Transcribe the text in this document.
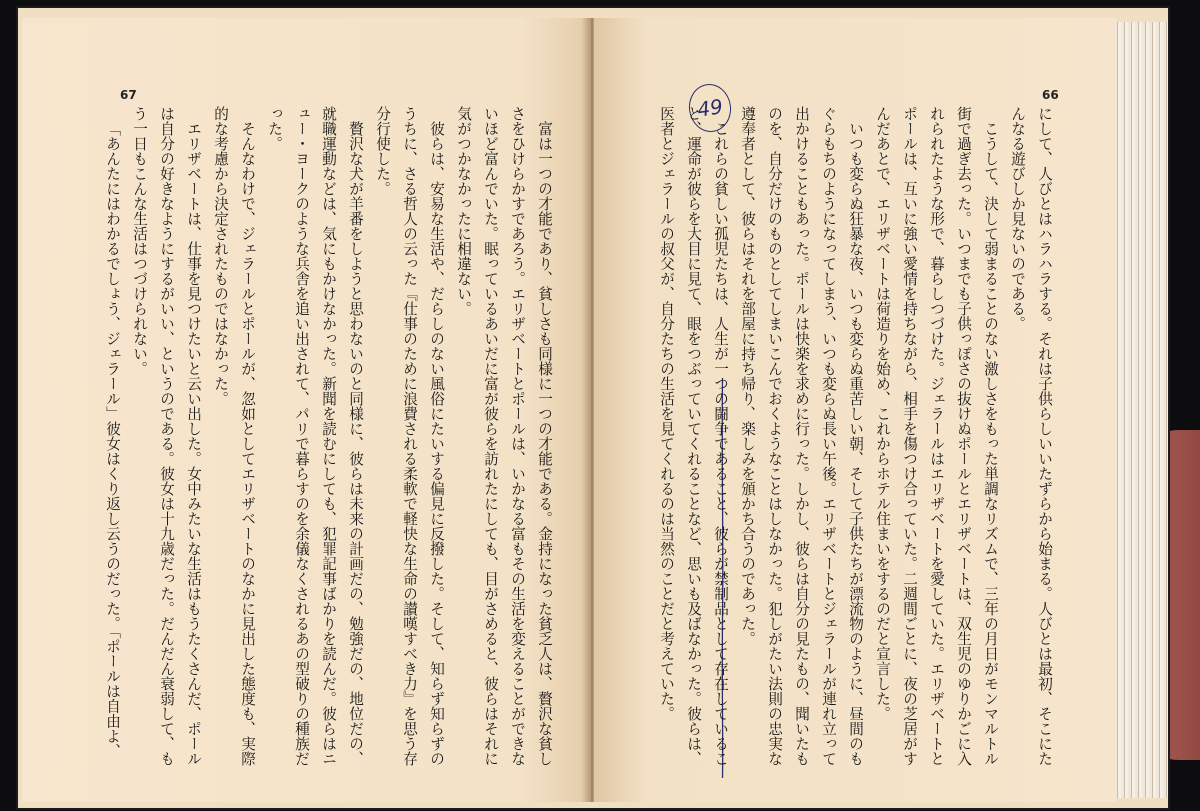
67

富は一つの才能であり、貧しさも同様に一つの才能である。金持になった貧乏人は、贅沢な貧しさをひけらかすであろう。エリザベートとポールは、いかなる富もその生活を変えることができないほど富んでいた。眠っているあいだに富が彼らを訪れたにしても、目がさめると、彼らはそれに気がつかなかったに相違ない。

彼らは、安易な生活や、だらしのない風俗にたいする偏見に反撥した。そして、知らず知らずのうちに、さる哲人の云った『仕事のために浪費される柔軟で軽快な生命の讃嘆すべき力』を思う存分行使した。

贅沢な犬が羊番をしようと思わないのと同様に、彼らは未来の計画だの、勉強だの、地位だの、就職運動などは、気にもかけなかった。新聞を読むにしても、犯罪記事ばかりを読んだ。彼らはニュー・ヨークのような兵舎を追い出されて、パリで暮らすのを余儀なくされるあの型破りの種族だった。

そんなわけで、ジェラールとポールが、忽如としてエリザベートのなかに見出した態度も、実際的な考慮から決定されたものではなかった。

エリザベートは、仕事を見つけたいと云い出した。女中みたいな生活はもうたくさんだ、ポールは自分の好きなようにするがいい、というのである。彼女は十九歳だった。だんだん衰弱して、もう一日もこんな生活はつづけられない。

「あんたにはわかるでしょう、ジェラール」彼女はくり返し云うのだった。「ポールは自由よ、

66
49	にして、人びとはハラハラする。それは子供らしいいたずらから始まる。人びとは最初、そこにたんなる遊びしか見ないのである。

こうして、決して弱まることのない激しさをもった単調なリズムで、三年の月日がモンマルトル街で過ぎ去った。いつまでも子供っぽさの抜けぬポールとエリザベートは、双生児のゆりかごに入れられたような形で、暮らしつづけた。ジェラールはエリザベートを愛していた。エリザベートとポールは、互いに強い愛情を持ちながら、相手を傷つけ合っていた。二週間ごとに、夜の芝居がすんだあとで、エリザベートは荷造りを始め、これからホテル住まいをするのだと宣言した。

いつも変らぬ狂暴な夜、いつも変らぬ重苦しい朝、そして子供たちが漂流物のように、昼間のもぐらもちのようになってしまう、いつも変らぬ長い午後。エリザベートとジェラールが連れ立って出かけることもあった。ポールは快楽を求めに行った。しかし、彼らは自分の見たもの、聞いたものを、自分だけのものとしてしまいこんでおくようなことはしなかった。犯しがたい法則の忠実な遵奉者として、彼らはそれを部屋に持ち帰り、楽しみを頒かち合うのであった。

これらの貧しい孤児たちは、人生が一つの闘争であること、彼らが禁制品として存在していること、運命が彼らを大目に見て、眼をつぶっていてくれることなど、思いも及ばなかった。彼らは、医者とジェラールの叔父が、自分たちの生活を見てくれるのは当然のことだと考えていた。
